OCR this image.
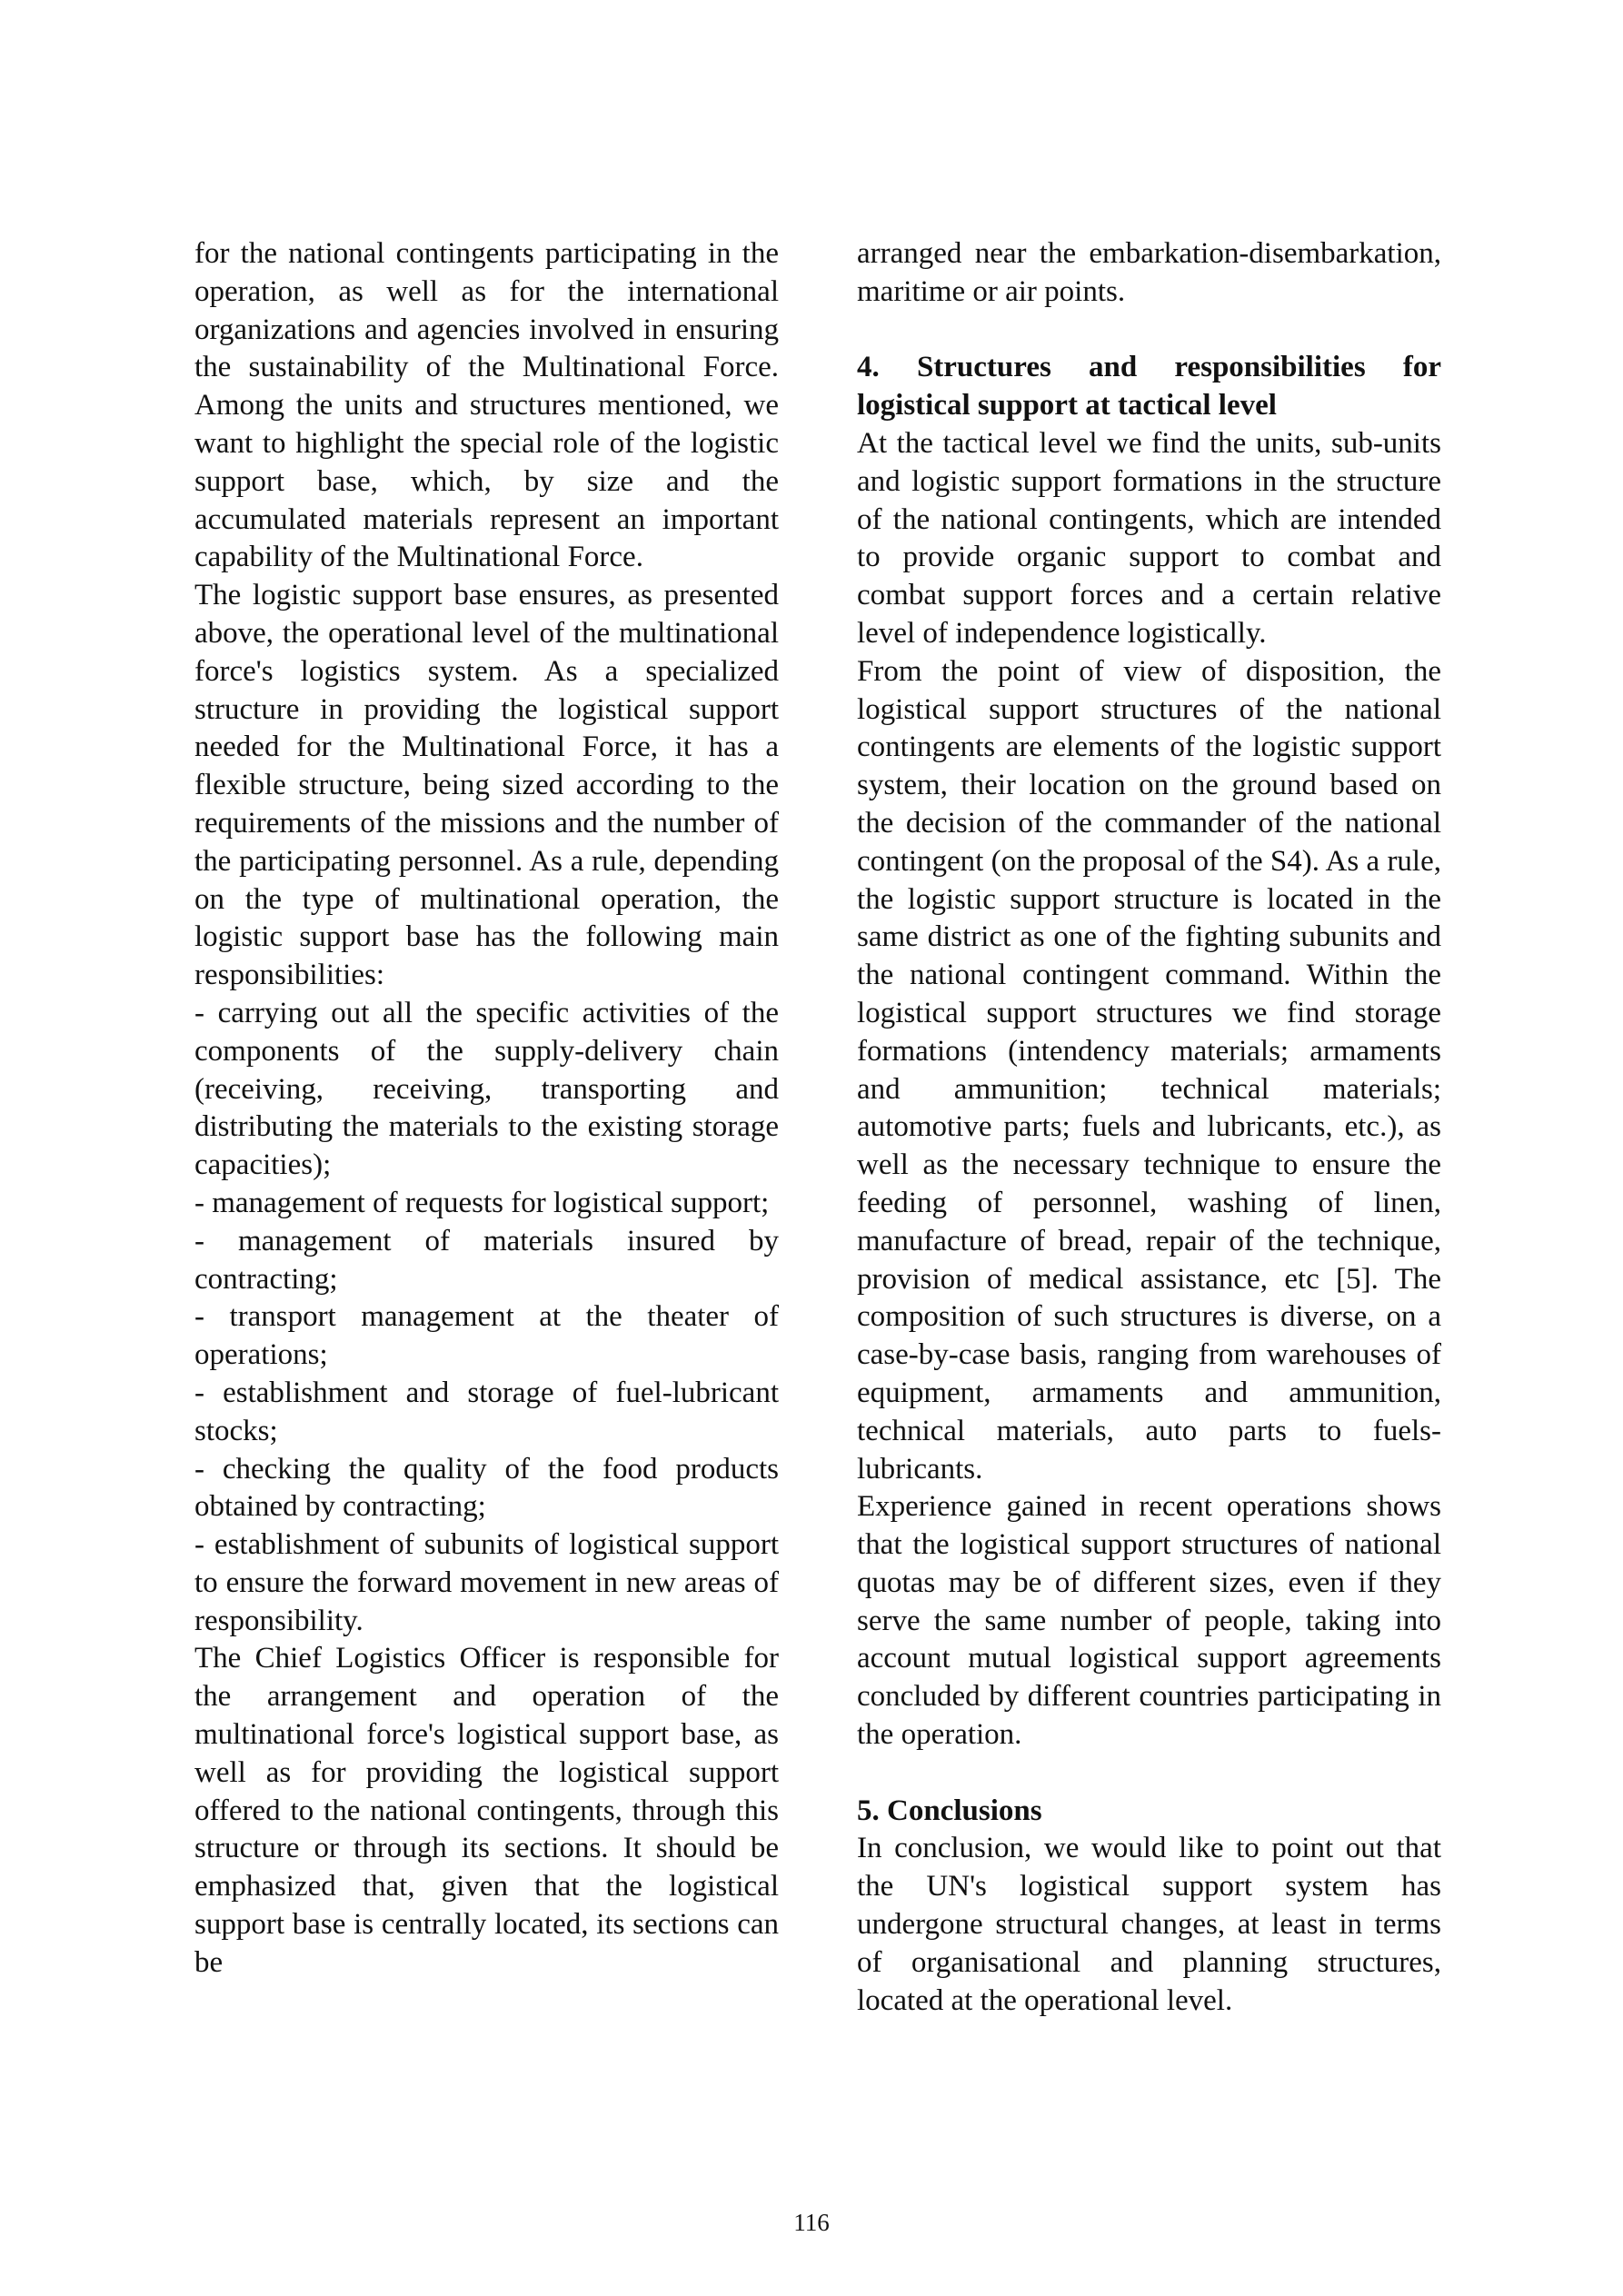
for the national contingents participating in the operation, as well as for the international organizations and agencies involved in ensuring the sustainability of the Multinational Force. Among the units and structures mentioned, we want to highlight the special role of the logistic support base, which, by size and the accumulated materials represent an important capability of the Multinational Force.

The logistic support base ensures, as presented above, the operational level of the multinational force's logistics system. As a specialized structure in providing the logistical support needed for the Multinational Force, it has a flexible structure, being sized according to the requirements of the missions and the number of the participating personnel. As a rule, depending on the type of multinational operation, the logistic support base has the following main responsibilities:

- carrying out all the specific activities of the components of the supply-delivery chain (receiving, receiving, transporting and distributing the materials to the existing storage capacities);

- management of requests for logistical support;

- management of materials insured by contracting;

- transport management at the theater of operations;

- establishment and storage of fuel-lubricant stocks;

- checking the quality of the food products obtained by contracting;

- establishment of subunits of logistical support to ensure the forward movement in new areas of responsibility.

The Chief Logistics Officer is responsible for the arrangement and operation of the multinational force's logistical support base, as well as for providing the logistical support offered to the national contingents, through this structure or through its sections. It should be emphasized that, given that the logistical support base is centrally located, its sections can be

arranged near the embarkation-disembarkation, maritime or air points.

4. Structures and responsibilities for logistical support at tactical level

At the tactical level we find the units, sub-units and logistic support formations in the structure of the national contingents, which are intended to provide organic support to combat and combat support forces and a certain relative level of independence logistically.

From the point of view of disposition, the logistical support structures of the national contingents are elements of the logistic support system, their location on the ground based on the decision of the commander of the national contingent (on the proposal of the S4). As a rule, the logistic support structure is located in the same district as one of the fighting subunits and the national contingent command. Within the logistical support structures we find storage formations (intendency materials; armaments and ammunition; technical materials; automotive parts; fuels and lubricants, etc.), as well as the necessary technique to ensure the feeding of personnel, washing of linen, manufacture of bread, repair of the technique, provision of medical assistance, etc [5]. The composition of such structures is diverse, on a case-by-case basis, ranging from warehouses of equipment, armaments and ammunition, technical materials, auto parts to fuels-lubricants.

Experience gained in recent operations shows that the logistical support structures of national quotas may be of different sizes, even if they serve the same number of people, taking into account mutual logistical support agreements concluded by different countries participating in the operation.

5. Conclusions

In conclusion, we would like to point out that the UN's logistical support system has undergone structural changes, at least in terms of organisational and planning structures, located at the operational level.

116
